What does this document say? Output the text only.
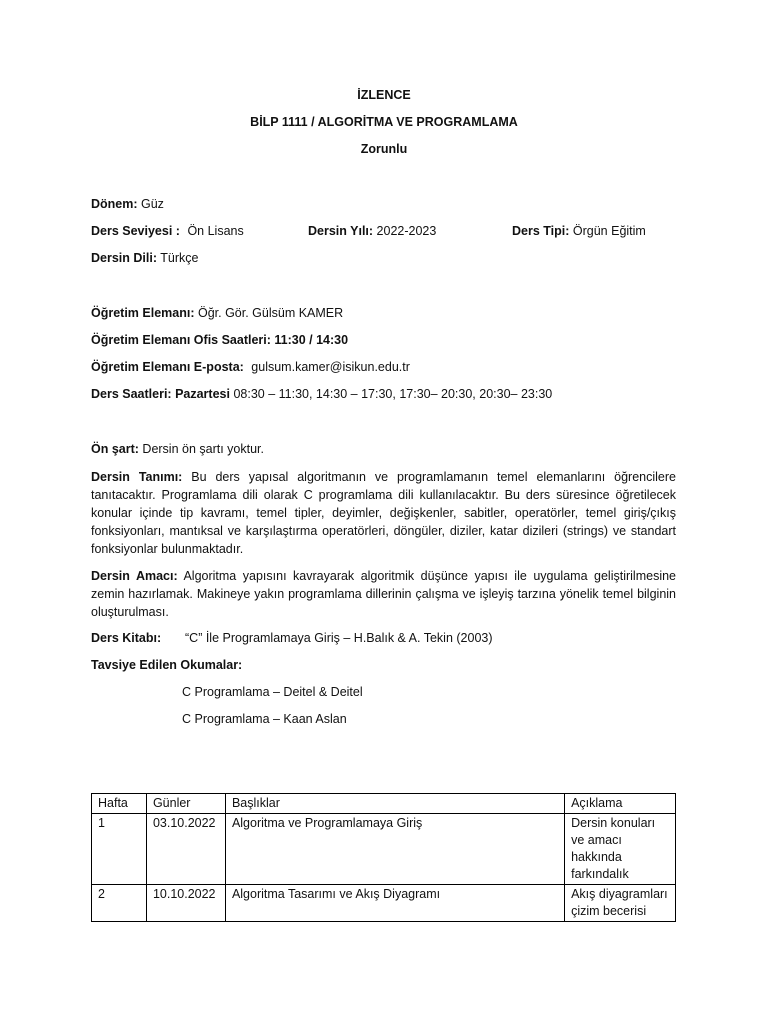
İZLENCE
BİLP 1111 / ALGORİTMA VE PROGRAMLAMA
Zorunlu
Dönem: Güz
Ders Seviyesi : Ön Lisans	Dersin Yılı: 2022-2023	Ders Tipi: Örgün Eğitim
Dersin Dili: Türkçe
Öğretim Elemanı: Öğr. Gör. Gülsüm KAMER
Öğretim Elemanı Ofis Saatleri: 11:30 / 14:30
Öğretim Elemanı E-posta: gulsum.kamer@isikun.edu.tr
Ders Saatleri: Pazartesi 08:30 – 11:30, 14:30 – 17:30, 17:30– 20:30, 20:30– 23:30
Ön şart: Dersin ön şartı yoktur.
Dersin Tanımı: Bu ders yapısal algoritmanın ve programlamanın temel elemanlarını öğrencilere tanıtacaktır. Programlama dili olarak C programlama dili kullanılacaktır. Bu ders süresince öğretilecek konular içinde tip kavramı, temel tipler, deyimler, değişkenler, sabitler, operatörler, temel giriş/çıkış fonksiyonları, mantıksal ve karşılaştırma operatörleri, döngüler, diziler, katar dizileri (strings) ve standart fonksiyonlar bulunmaktadır.
Dersin Amacı: Algoritma yapısını kavrayarak algoritmik düşünce yapısı ile uygulama geliştirilmesine zemin hazırlamak. Makineye yakın programlama dillerinin çalışma ve işleyiş tarzına yönelik temel bilginin oluşturulması.
Ders Kitabı: “C” İle Programlamaya Giriş – H.Balık & A. Tekin (2003)
Tavsiye Edilen Okumalar:
C Programlama – Deitel & Deitel
C Programlama – Kaan Aslan
Hafta	Günler	Başlıklar	Açıklama
1	03.10.2022	Algoritma ve Programlamaya Giriş	Dersin konuları ve amacı hakkında farkındalık
2	10.10.2022	Algoritma Tasarımı ve Akış Diyagramı	Akış diyagramları çizim becerisi
